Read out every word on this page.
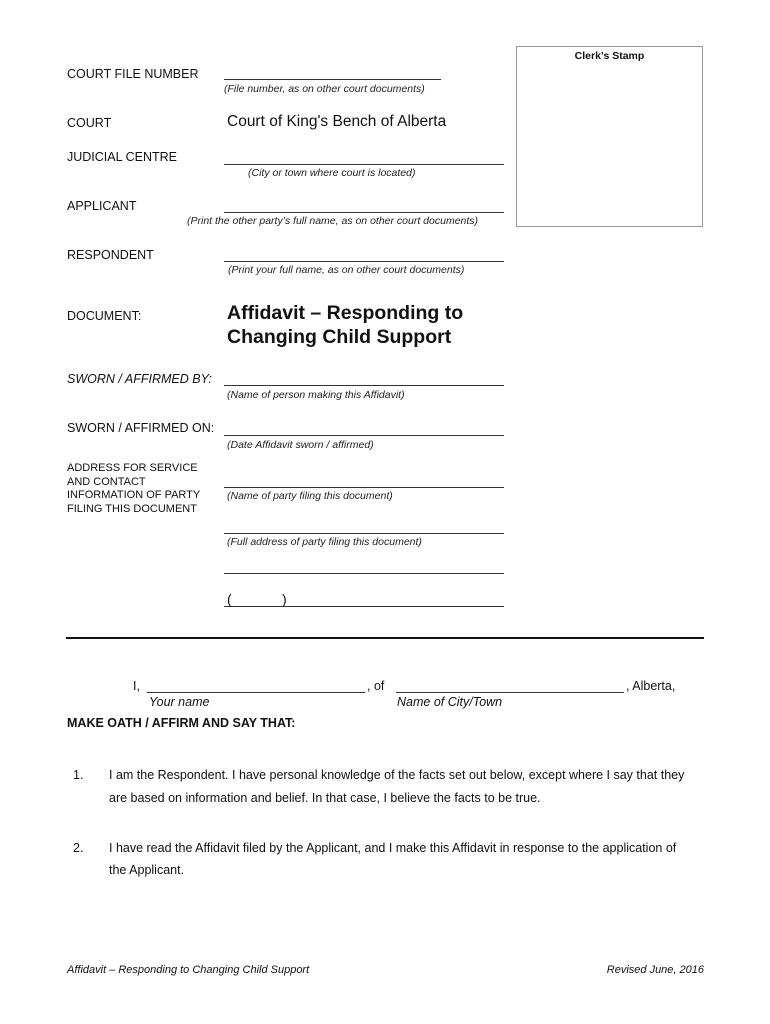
Clerk’s Stamp
COURT FILE NUMBER
(File number, as on other court documents)
COURT	Court of King's Bench of Alberta
JUDICIAL CENTRE
(City or town where court is located)
APPLICANT
(Print the other party’s full name, as on other court documents)
RESPONDENT
(Print your full name, as on other court documents)
DOCUMENT:	Affidavit – Responding to
Changing Child Support
SWORN / AFFIRMED BY:
(Name of person making this Affidavit)
SWORN / AFFIRMED ON:
(Date Affidavit sworn / affirmed)
ADDRESS FOR SERVICE
AND CONTACT
INFORMATION OF PARTY
FILING THIS DOCUMENT
(Name of party filing this document)
(Full address of party filing this document)
(	)
I,	, of	, Alberta,
Your name	Name of City/Town
MAKE OATH / AFFIRM AND SAY THAT:
1. I am the Respondent. I have personal knowledge of the facts set out below, except where I say that they
are based on information and belief. In that case, I believe the facts to be true.
2. I have read the Affidavit filed by the Applicant, and I make this Affidavit in response to the application of
the Applicant.
Affidavit – Responding to Changing Child Support	Revised June, 2016
